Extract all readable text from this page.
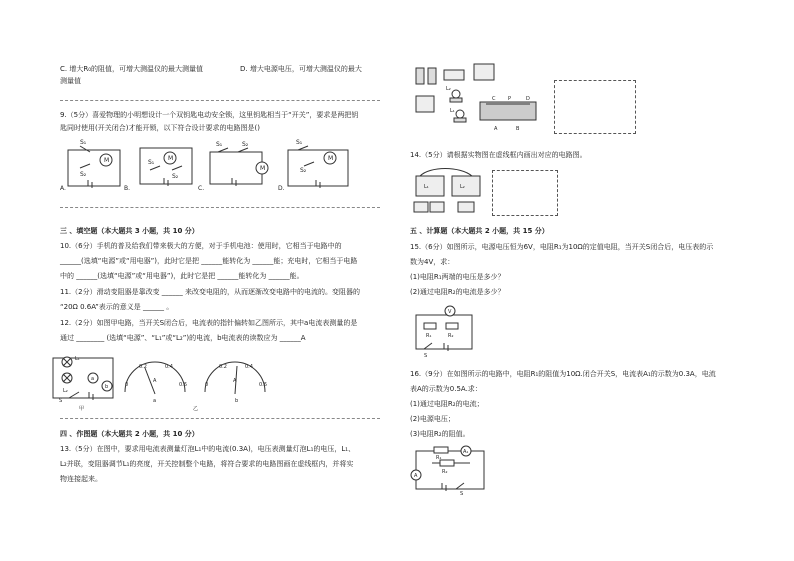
C. 增大R₀的阻值，可增大测温仪的最大测量值	D. 增大电源电压，可增大测温仪的最大
测量值
9.（5分）喜爱物理的小明想设计一个双钥匙电动安全锁，这里钥匙相当于“开关”，要求是两把钥
匙同时使用(开关闭合)才能开锁，以下符合设计要求的电路图是()
M	M
M
M
S₁
S₂
S₁
S₂
S₁	S₂	S₁
S₂
A.	B.	C.	D.
三 、填空题（本大题共 3 小题，共 10 分）
10.（6分）手机的普及给我们带来极大的方便，对于手机电池：使用时，它相当于电路中的
______(选填“电源”或“用电器”)，此时它是把 ______能转化为 ______能；充电时，它相当于电路
中的 ______(选填“电源”或“用电器”)，此时它是把 ______能转化为 ______能。
11.（2分）滑动变阻器是靠改变 ______ 来改变电阻的，从而逐渐改变电路中的电流的。变阻器的
“20Ω 0.6A”表示的意义是 ______ 。
12.（2分）如图甲电路，当开关S闭合后，电流表的指针偏转如乙图所示，其中a电流表测量的是
通过 ________ (选填“电源”、“L₁”或“L₂”)的电流，b电流表的读数应为 ______A
L₁
L₂
a
b
S
0
0.2	0.4
0.6	0
0.2	0.4
0.6
A	A
a	b
甲	乙
四 、作图题（本大题共 2 小题，共 10 分）
13.（5分）在图中，要求用电流表测量灯泡L₁中的电流(0.3A)，电压表测量灯泡L₁的电压，L₁、
L₂并联，变阻器调节L₁的亮度，开关控制整个电路，将符合要求的电路图画在虚线框内，并将实
物连接起来。
L₂
L₁
C	P	D
A	B
14.（5分）请根据实物图在虚线框内画出对应的电路图。
L₁	L₂
五 、计算题（本大题共 2 小题，共 15 分）
15.（6分）如图所示，电源电压恒为6V，电阻R₁为10Ω的定值电阻，当开关S闭合后，电压表的示
数为4V，求：
(1)电阻R₁两端的电压是多少？
(2)通过电阻R₂的电流是多少？
V
R₁	R₂
S
16.（9分）在如图所示的电路中，电阻R₁的阻值为10Ω.闭合开关S，电流表A₁的示数为0.3A，电流
表A的示数为0.5A.求：
(1)通过电阻R₂的电流；
(2)电源电压；
(3)电阻R₂的阻值。
A₁
R₁
R₂
A
S
